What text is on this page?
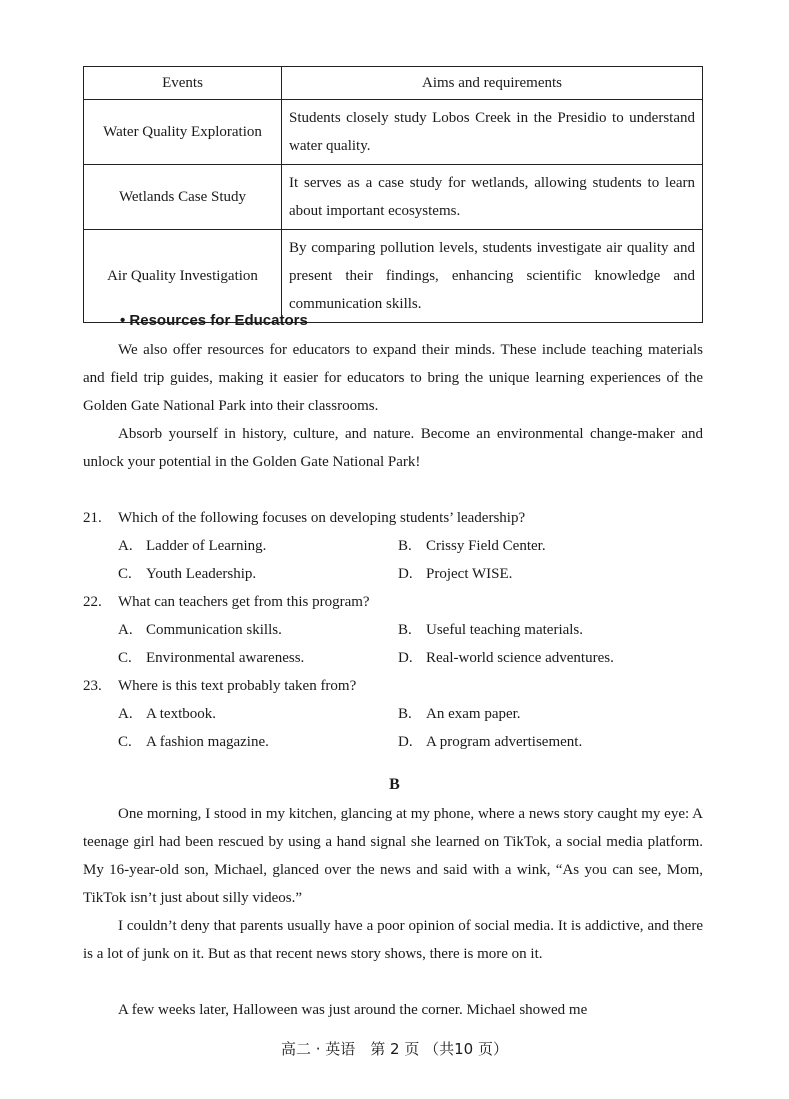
Events	Aims and requirements
Water Quality Exploration	Students closely study Lobos Creek in the Presidio to understand water quality.
Wetlands Case Study	It serves as a case study for wetlands, allowing students to learn about important ecosystems.
Air Quality Investigation	By comparing pollution levels, students investigate air quality and present their findings, enhancing scientific knowledge and communication skills.
• Resources for Educators

We also offer resources for educators to expand their minds. These include teaching materials and field trip guides, making it easier for educators to bring the unique learning experiences of the Golden Gate National Park into their classrooms.

Absorb yourself in history, culture, and nature. Become an environmental change-maker and unlock your potential in the Golden Gate National Park!

21. Which of the following focuses on developing students’ leadership?
A. Ladder of Learning.	B. Crissy Field Center.
C. Youth Leadership.	D. Project WISE.
22. What can teachers get from this program?
A. Communication skills.	B. Useful teaching materials.
C. Environmental awareness.	D. Real-world science adventures.
23. Where is this text probably taken from?
A. A textbook.	B. An exam paper.
C. A fashion magazine.	D. A program advertisement.
B

One morning, I stood in my kitchen, glancing at my phone, where a news story caught my eye: A teenage girl had been rescued by using a hand signal she learned on TikTok, a social media platform. My 16-year-old son, Michael, glanced over the news and said with a wink, “As you can see, Mom, TikTok isn’t just about silly videos.”

I couldn’t deny that parents usually have a poor opinion of social media. It is addictive, and there is a lot of junk on it. But as that recent news story shows, there is more on it.

A few weeks later, Halloween was just around the corner. Michael showed me

高二 · 英语　第 2 页 （共10 页）
